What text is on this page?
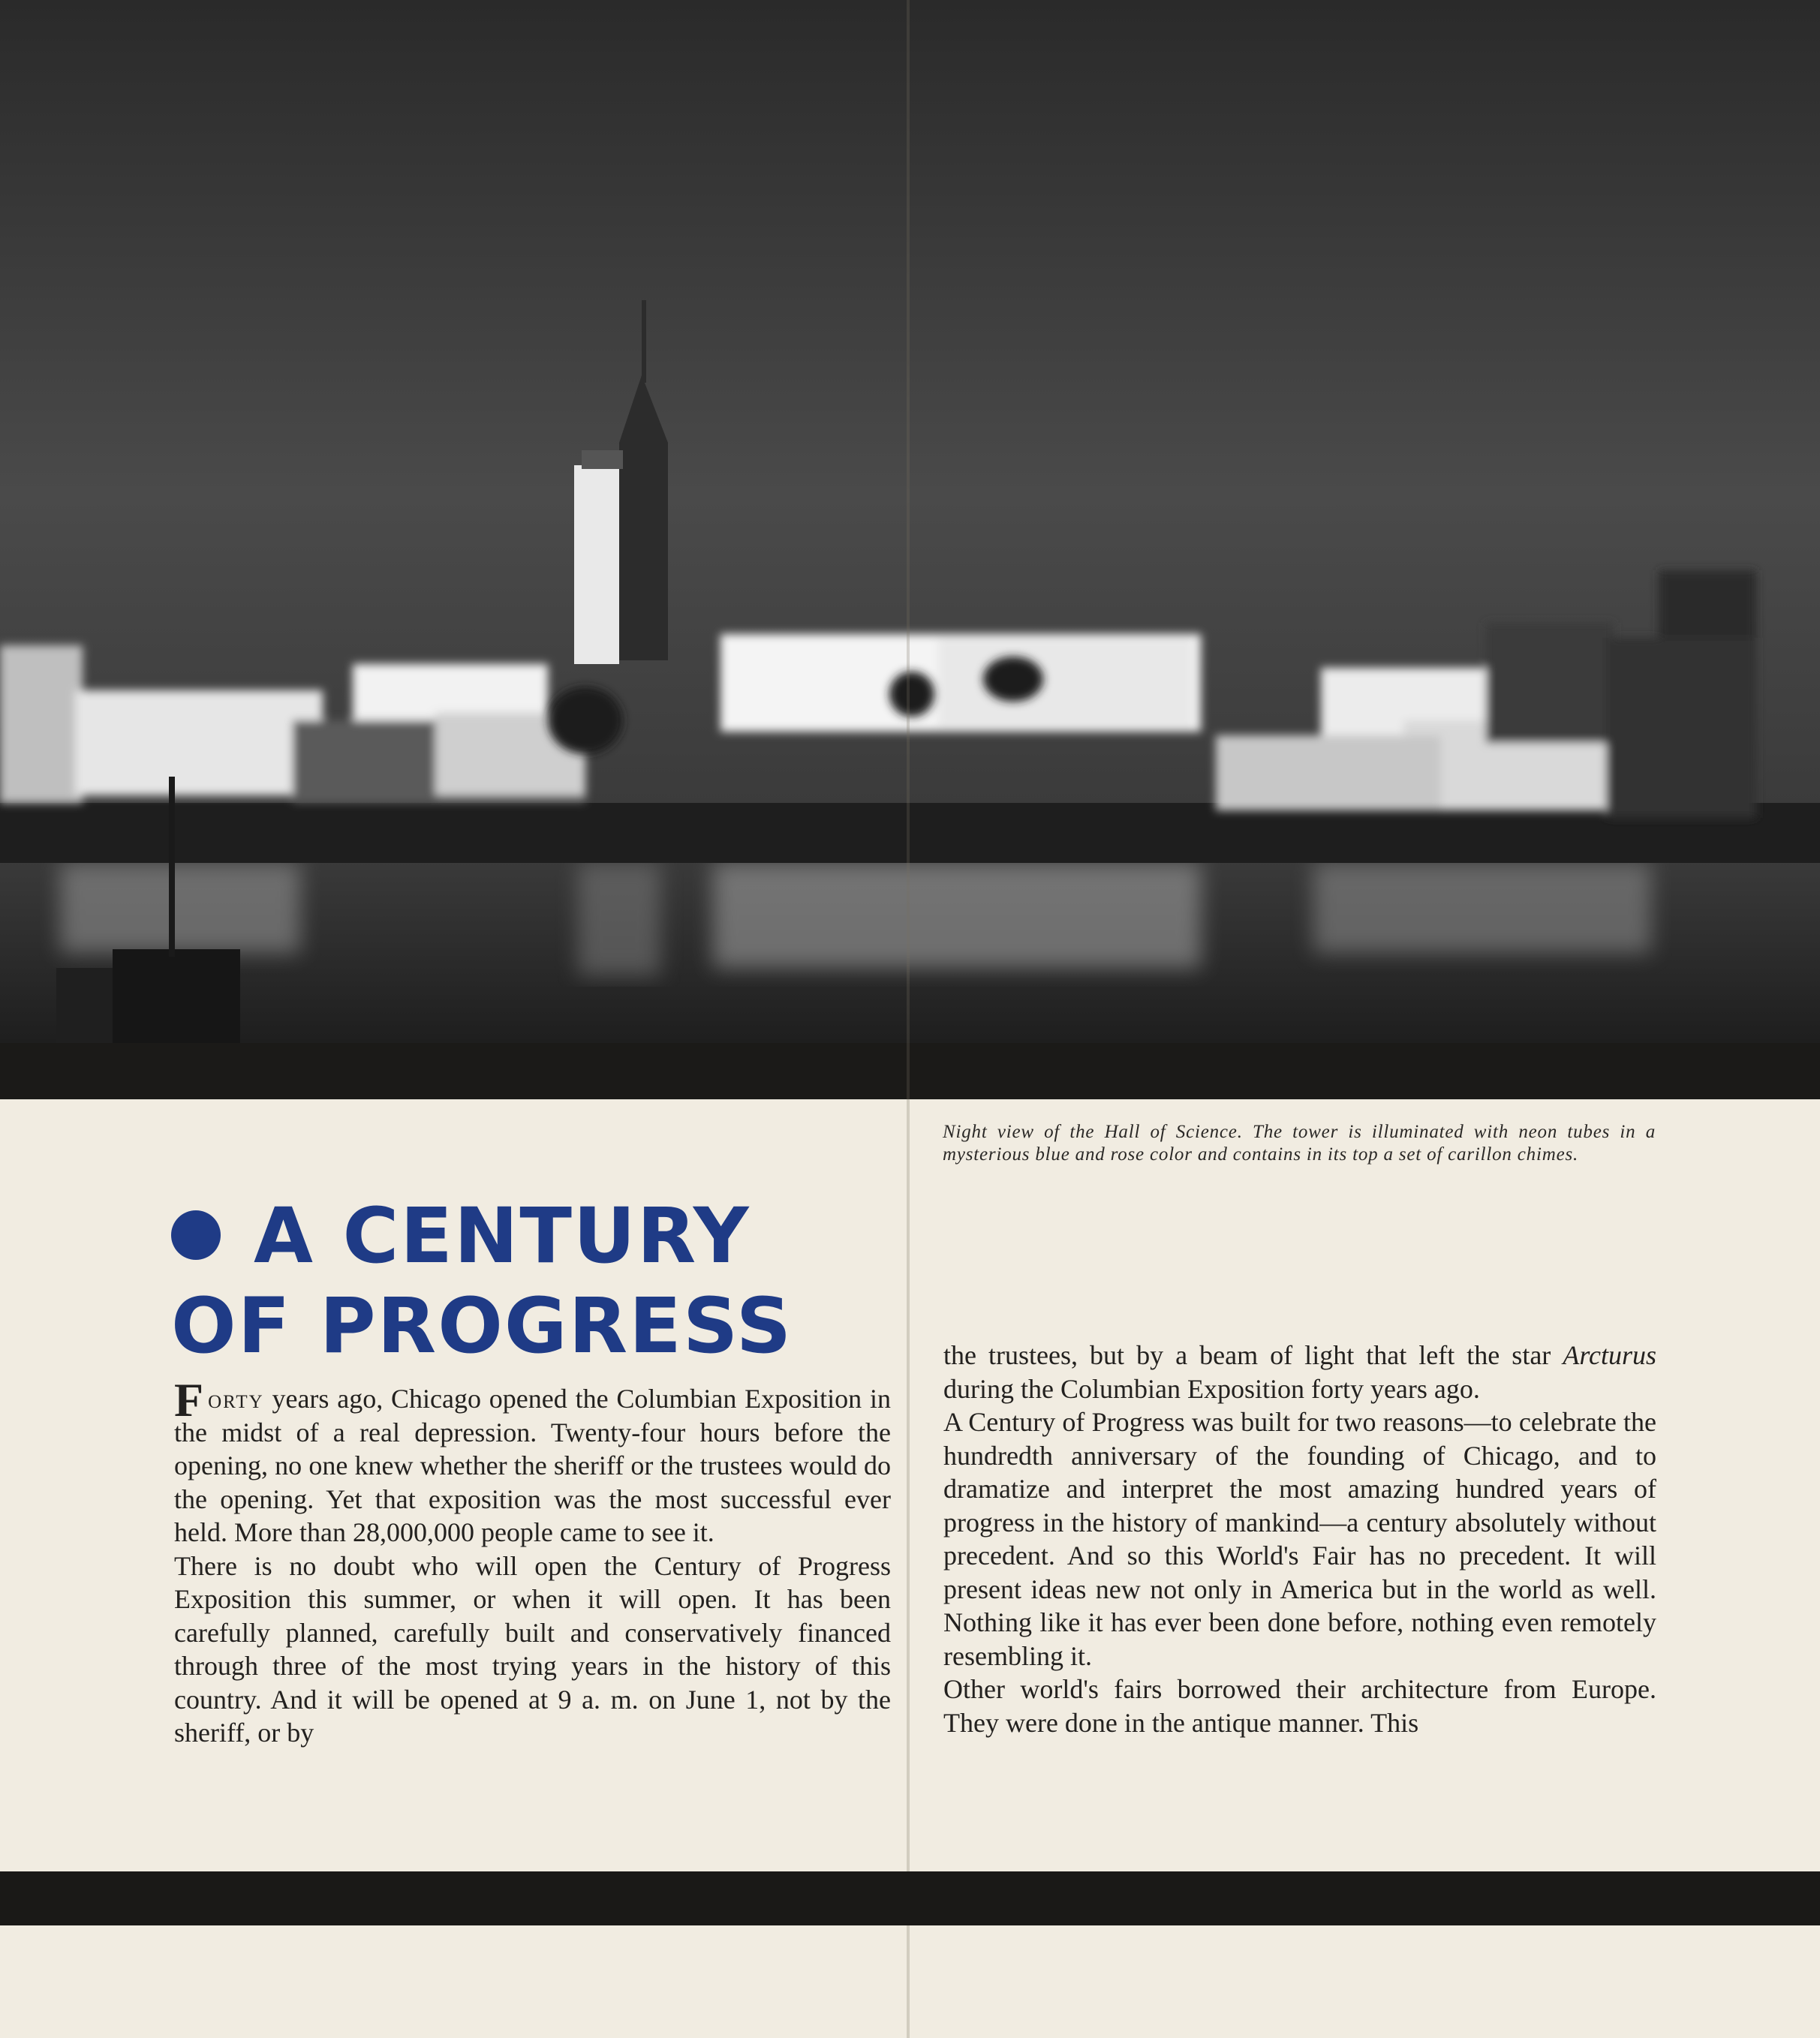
Night view of the Hall of Science. The tower is illuminated with neon tubes in a mysterious blue and rose color and contains in its top a set of carillon chimes.
A CENTURY
OF PROGRESS

Forty years ago, Chicago opened the Columbian Exposition in the midst of a real depression. Twenty-four hours before the opening, no one knew whether the sheriff or the trustees would do the opening. Yet that exposition was the most successful ever held. More than 28,000,000 people came to see it.

There is no doubt who will open the Century of Progress Exposition this summer, or when it will open. It has been carefully planned, carefully built and conservatively financed through three of the most trying years in the history of this country. And it will be opened at 9 a. m. on June 1, not by the sheriff, or by

the trustees, but by a beam of light that left the star Arcturus during the Columbian Exposition forty years ago.

A Century of Progress was built for two reasons—to celebrate the hundredth anniversary of the founding of Chicago, and to dramatize and interpret the most amazing hundred years of progress in the history of mankind—a century absolutely without precedent. And so this World's Fair has no precedent. It will present ideas new not only in America but in the world as well. Nothing like it has ever been done before, nothing even remotely resembling it.

Other world's fairs borrowed their architecture from Europe. They were done in the antique manner. This
